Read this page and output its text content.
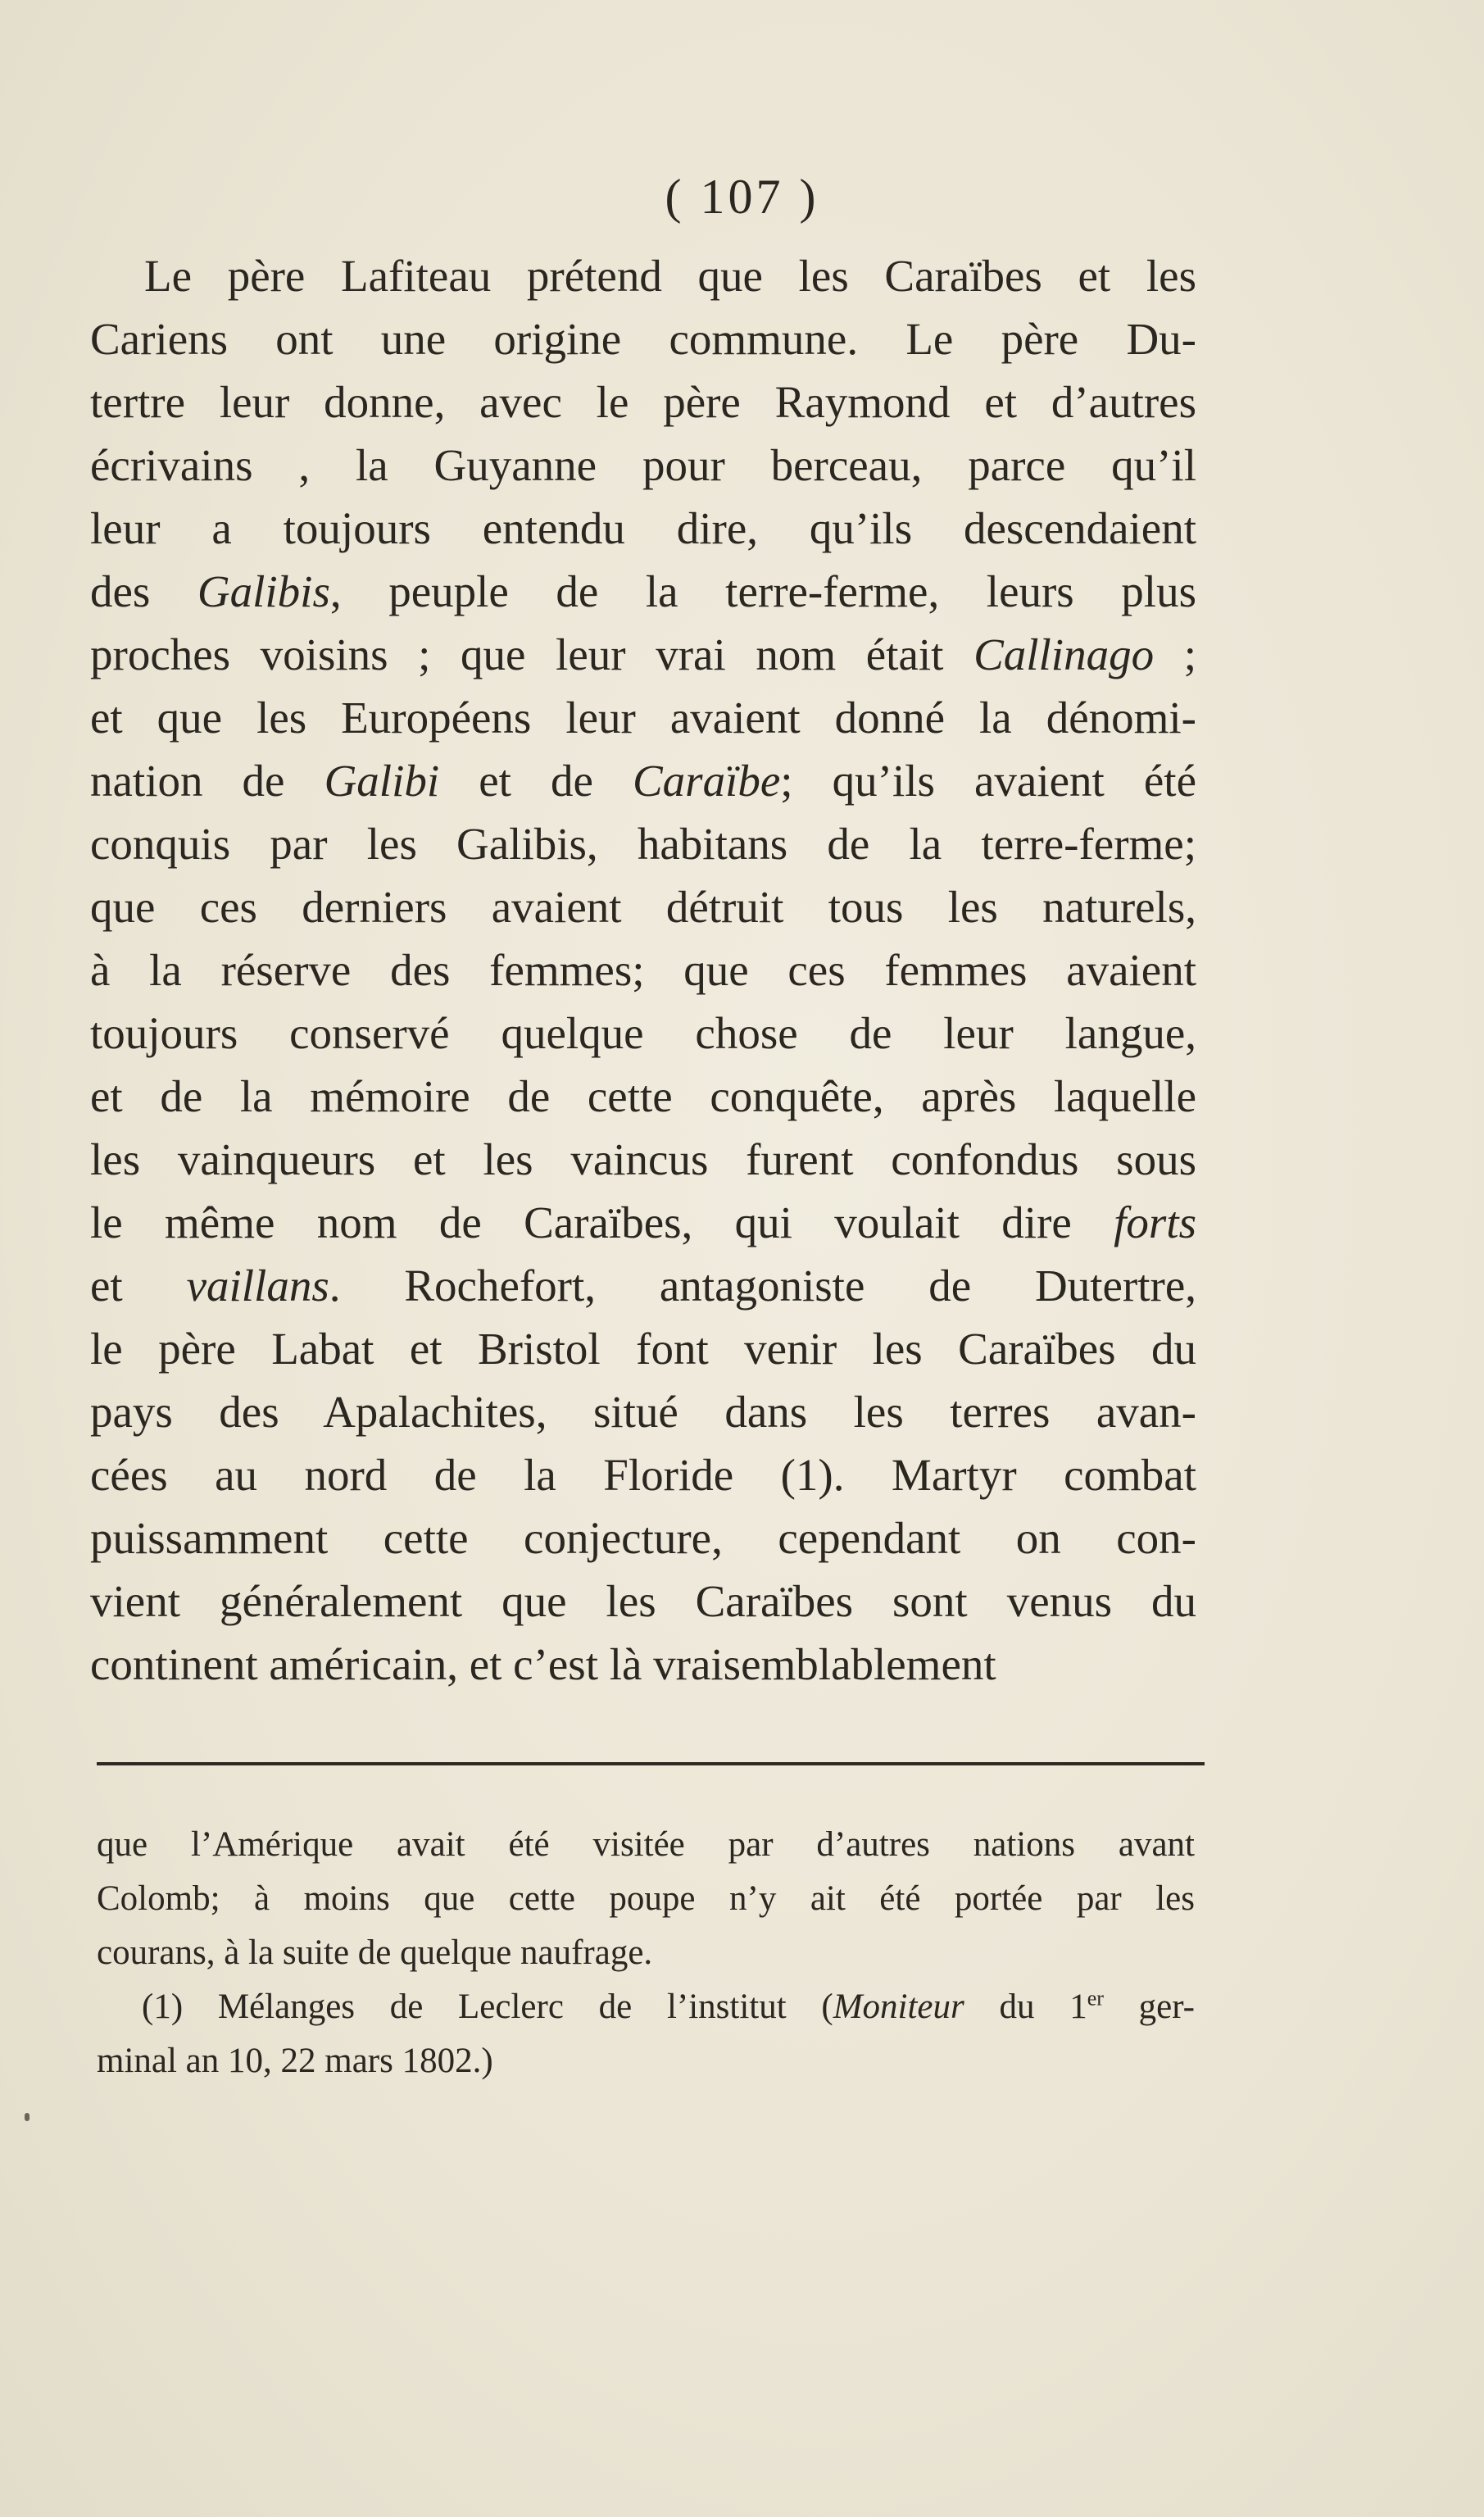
( 107 )
Le père Lafiteau prétend que les Caraïbes et les
Cariens ont une origine commune. Le père Du-
tertre leur donne, avec le père Raymond et d’autres
écrivains , la Guyanne pour berceau, parce qu’il
leur a toujours entendu dire, qu’ils descendaient
des Galibis, peuple de la terre-ferme, leurs plus
proches voisins ; que leur vrai nom était Callinago ;
et que les Européens leur avaient donné la dénomi-
nation de Galibi et de Caraïbe; qu’ils avaient été
conquis par les Galibis, habitans de la terre-ferme;
que ces derniers avaient détruit tous les naturels,
à la réserve des femmes; que ces femmes avaient
toujours conservé quelque chose de leur langue,
et de la mémoire de cette conquête, après laquelle
les vainqueurs et les vaincus furent confondus sous
le même nom de Caraïbes, qui voulait dire forts
et vaillans. Rochefort, antagoniste de Dutertre,
le père Labat et Bristol font venir les Caraïbes du
pays des Apalachites, situé dans les terres avan-
cées au nord de la Floride (1). Martyr combat
puissamment cette conjecture, cependant on con-
vient généralement que les Caraïbes sont venus du
continent américain, et c’est là vraisemblablement
que l’Amérique avait été visitée par d’autres nations avant
Colomb; à moins que cette poupe n’y ait été portée par les
courans, à la suite de quelque naufrage.
(1) Mélanges de Leclerc de l’institut (Moniteur du 1er ger-
minal an 10, 22 mars 1802.)
